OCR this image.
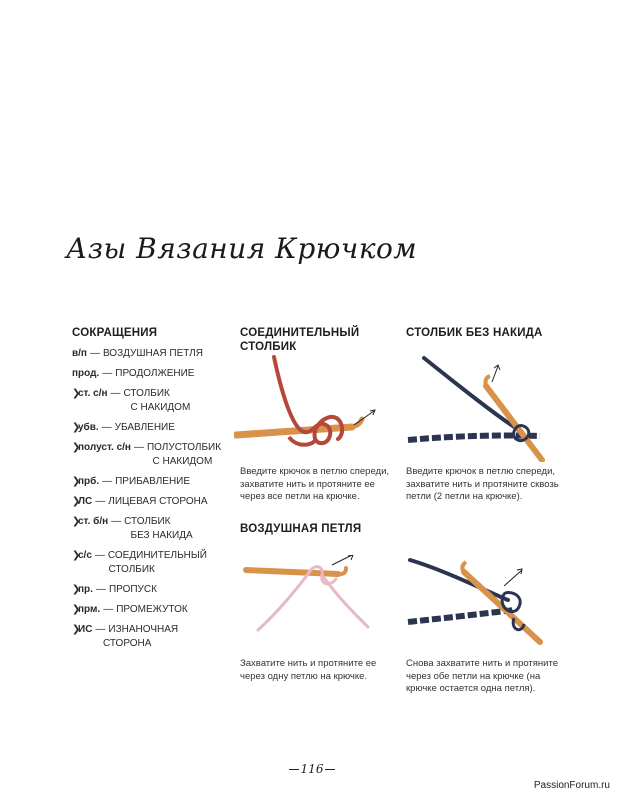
Азы Вязания Крючком
СОКРАЩЕНИЯ
в/п — ВОЗДУШНАЯ ПЕТЛЯ
прод. — ПРОДОЛЖЕНИЕ
❯
ст. с/н — СТОЛБИК
С НАКИДОМ
❯
убв. — УБАВЛЕНИЕ
❯
полуст. с/н — ПОЛУСТОЛБИК
С НАКИДОМ
❯
прб. — ПРИБАВЛЕНИЕ
❯
ЛС — ЛИЦЕВАЯ СТОРОНА
❯
ст. б/н — СТОЛБИК
БЕЗ НАКИДА
❯
с/с — СОЕДИНИТЕЛЬНЫЙ
СТОЛБИК
❯
пр. — ПРОПУСК
❯
прм. — ПРОМЕЖУТОК
❯
ИС — ИЗНАНОЧНАЯ
СТОРОНА
СОЕДИНИТЕЛЬНЫЙ СТОЛБИК
Введите крючок в петлю спереди, захватите нить и протяните ее через все петли на крючке.
ВОЗДУШНАЯ ПЕТЛЯ
Захватите нить и протяните ее через одну петлю на крючке.
СТОЛБИК БЕЗ НАКИДА
Введите крючок в петлю спереди, захватите нить и протяните сквозь петли (2 петли на крючке).
Снова захватите нить и протяните через обе петли на крючке (на крючке остается одна петля).
116
PassionForum.ru
